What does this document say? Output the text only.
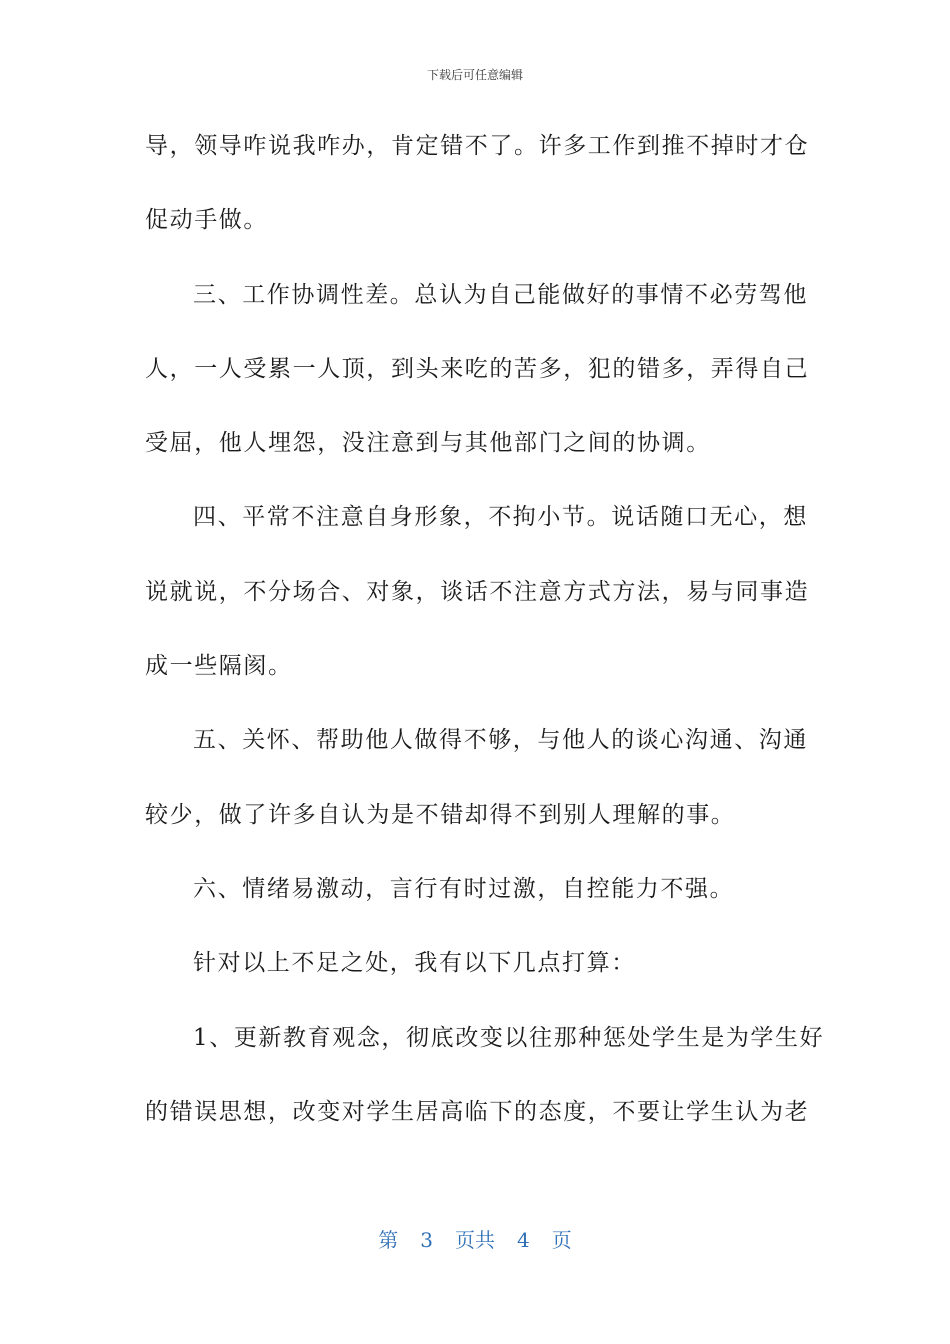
下载后可任意编辑
导，领导咋说我咋办，肯定错不了。许多工作到推不掉时才仓
促动手做。
三、工作协调性差。总认为自己能做好的事情不必劳驾他
人，一人受累一人顶，到头来吃的苦多，犯的错多，弄得自己
受屈，他人埋怨，没注意到与其他部门之间的协调。
四、平常不注意自身形象，不拘小节。说话随口无心，想
说就说，不分场合、对象，谈话不注意方式方法，易与同事造
成一些隔阂。
五、关怀、帮助他人做得不够，与他人的谈心沟通、沟通
较少，做了许多自认为是不错却得不到别人理解的事。
六、情绪易激动，言行有时过激，自控能力不强。
针对以上不足之处，我有以下几点打算：
1、更新教育观念，彻底改变以往那种惩处学生是为学生好
的错误思想，改变对学生居高临下的态度，不要让学生认为老
第 3 页共 4 页
